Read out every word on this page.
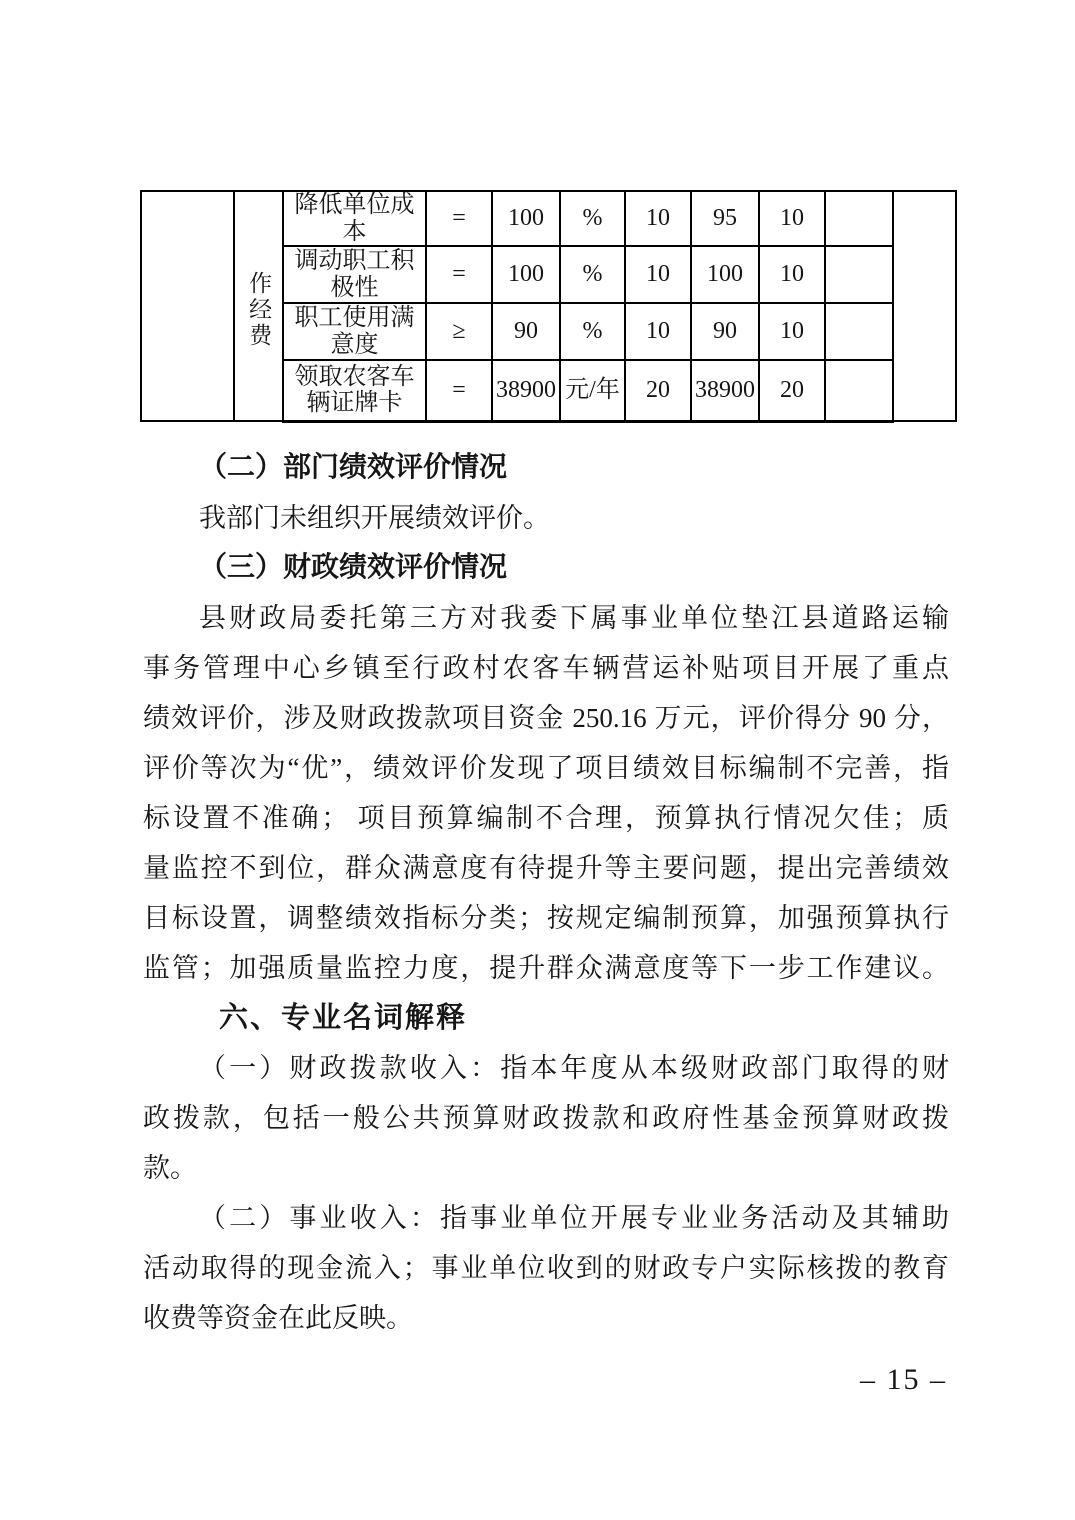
	作经费	降低单位成本	=	100	%	10	95	10		
		调动职工积极性	=	100	%	10	100	10		
		职工使用满意度	≥	90	%	10	90	10		
		领取农客车辆证牌卡	=	38900	元/年	20	38900	20		
（二）部门绩效评价情况
我部门未组织开展绩效评价。
（三）财政绩效评价情况
县财政局委托第三方对我委下属事业单位垫江县道路运输
事务管理中心乡镇至行政村农客车辆营运补贴项目开展了重点
绩效评价，涉及财政拨款项目资金 250.16 万元，评价得分 90 分，
评价等次为“优”，绩效评价发现了项目绩效目标编制不完善，指
标设置不准确； 项目预算编制不合理，预算执行情况欠佳；质
量监控不到位，群众满意度有待提升等主要问题，提出完善绩效
目标设置，调整绩效指标分类；按规定编制预算，加强预算执行
监管；加强质量监控力度，提升群众满意度等下一步工作建议。
六、专业名词解释
（一）财政拨款收入：指本年度从本级财政部门取得的财
政拨款，包括一般公共预算财政拨款和政府性基金预算财政拨
款。
（二）事业收入：指事业单位开展专业业务活动及其辅助
活动取得的现金流入；事业单位收到的财政专户实际核拨的教育
收费等资金在此反映。
– 15 –
